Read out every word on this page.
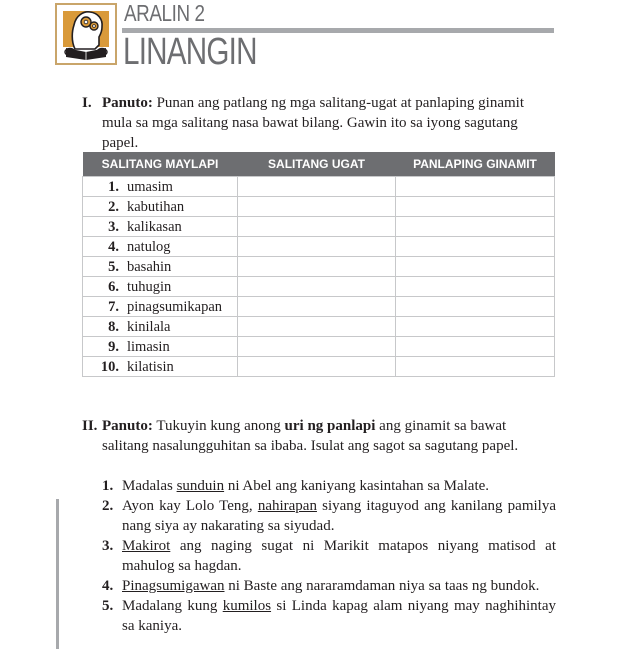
ARALIN 2
LINANGIN
I. Panuto: Punan ang patlang ng mga salitang-ugat at panlaping ginamit mula sa mga salitang nasa bawat bilang. Gawin ito sa iyong sagutang papel.
SALITANG MAYLAPI	SALITANG UGAT	PANLAPING GINAMIT
1. umasim		
2. kabutihan		
3. kalikasan		
4. natulog		
5. basahin		
6. tuhugin		
7. pinagsumikapan		
8. kinilala		
9. limasin		
10. kilatisin		
II. Panuto: Tukuyin kung anong uri ng panlapi ang ginamit sa bawat salitang nasalungguhitan sa ibaba. Isulat ang sagot sa sagutang papel.
1. Madalas sunduin ni Abel ang kaniyang kasintahan sa Malate.
2. Ayon kay Lolo Teng, nahirapan siyang itaguyod ang kanilang pamilya nang siya ay nakarating sa siyudad.
3. Makirot ang naging sugat ni Marikit matapos niyang matisod at mahulog sa hagdan.
4. Pinagsumigawan ni Baste ang nararamdaman niya sa taas ng bundok.
5. Madalang kung kumilos si Linda kapag alam niyang may naghihintay sa kaniya.
